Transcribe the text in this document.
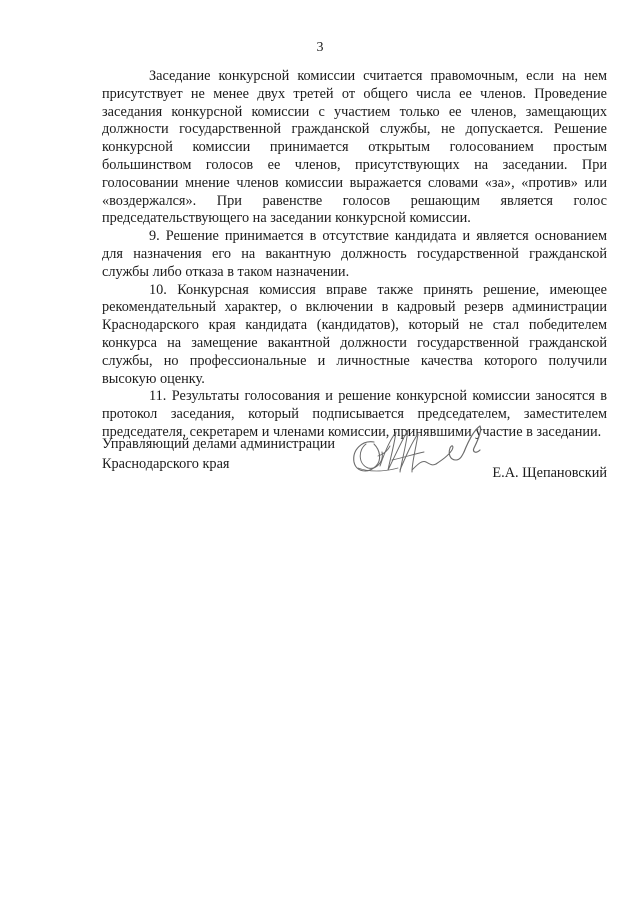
3

Заседание конкурсной комиссии считается правомочным, если на нем присутствует не менее двух третей от общего числа ее членов. Проведение заседания конкурсной комиссии с участием только ее членов, замещающих должности государственной гражданской службы, не допускается. Решение конкурсной комиссии принимается открытым голосованием простым большинством голосов ее членов, присутствующих на заседании. При голосовании мнение членов комиссии выражается словами «за», «против» или «воздержался». При равенстве голосов решающим является голос председательствующего на заседании конкурсной комиссии.

9. Решение принимается в отсутствие кандидата и является основанием для назначения его на вакантную должность государственной гражданской службы либо отказа в таком назначении.

10. Конкурсная комиссия вправе также принять решение, имеющее рекомендательный характер, о включении в кадровый резерв администрации Краснодарского края кандидата (кандидатов), который не стал победителем конкурса на замещение вакантной должности государственной гражданской службы, но профессиональные и личностные качества которого получили высокую оценку.

11. Результаты голосования и решение конкурсной комиссии заносятся в протокол заседания, который подписывается председателем, заместителем председателя, секретарем и членами комиссии, принявшими участие в заседании.

Управляющий делами администрации
Краснодарского края
Е.А. Щепановский
